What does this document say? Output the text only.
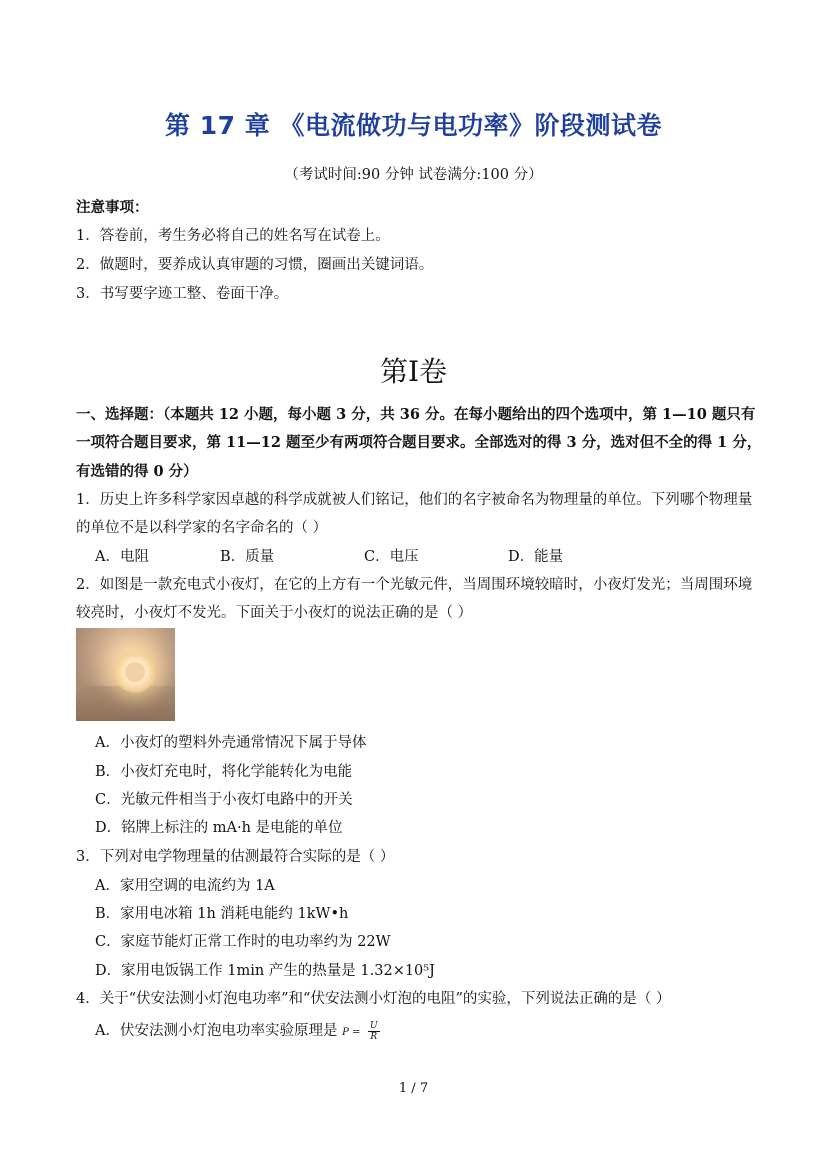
第 17 章 《电流做功与电功率》阶段测试卷
（考试时间:90 分钟 试卷满分:100 分）
注意事项：
1．答卷前，考生务必将自己的姓名写在试卷上。
2．做题时，要养成认真审题的习惯，圈画出关键词语。
3．书写要字迹工整、卷面干净。
第Ⅰ卷
一、选择题：（本题共 12 小题，每小题 3 分，共 36 分。在每小题给出的四个选项中，第 1—10 题只有
一项符合题目要求，第 11—12 题至少有两项符合题目要求。全部选对的得 3 分，选对但不全的得 1 分，
有选错的得 0 分）
1．历史上许多科学家因卓越的科学成就被人们铭记，他们的名字被命名为物理量的单位。下列哪个物理量
的单位不是以科学家的名字命名的（ ）
A．电阻	B．质量	C．电压	D．能量
2．如图是一款充电式小夜灯，在它的上方有一个光敏元件，当周围环境较暗时，小夜灯发光；当周围环境
较亮时，小夜灯不发光。下面关于小夜灯的说法正确的是（ ）
A．小夜灯的塑料外壳通常情况下属于导体
B．小夜灯充电时，将化学能转化为电能
C．光敏元件相当于小夜灯电路中的开关
D．铭牌上标注的 mA·h 是电能的单位
3．下列对电学物理量的估测最符合实际的是（ ）
A．家用空调的电流约为 1A
B．家用电冰箱 1h 消耗电能约 1kW•h
C．家庭节能灯正常工作时的电功率约为 22W
D．家用电饭锅工作 1min 产生的热量是 1.32×10⁵J
4．关于“伏安法测小灯泡电功率”和“伏安法测小灯泡的电阻”的实验，下列说法正确的是（ ）
A．伏安法测小灯泡电功率实验原理是 $P = \frac{U}{R}$
1 / 7
